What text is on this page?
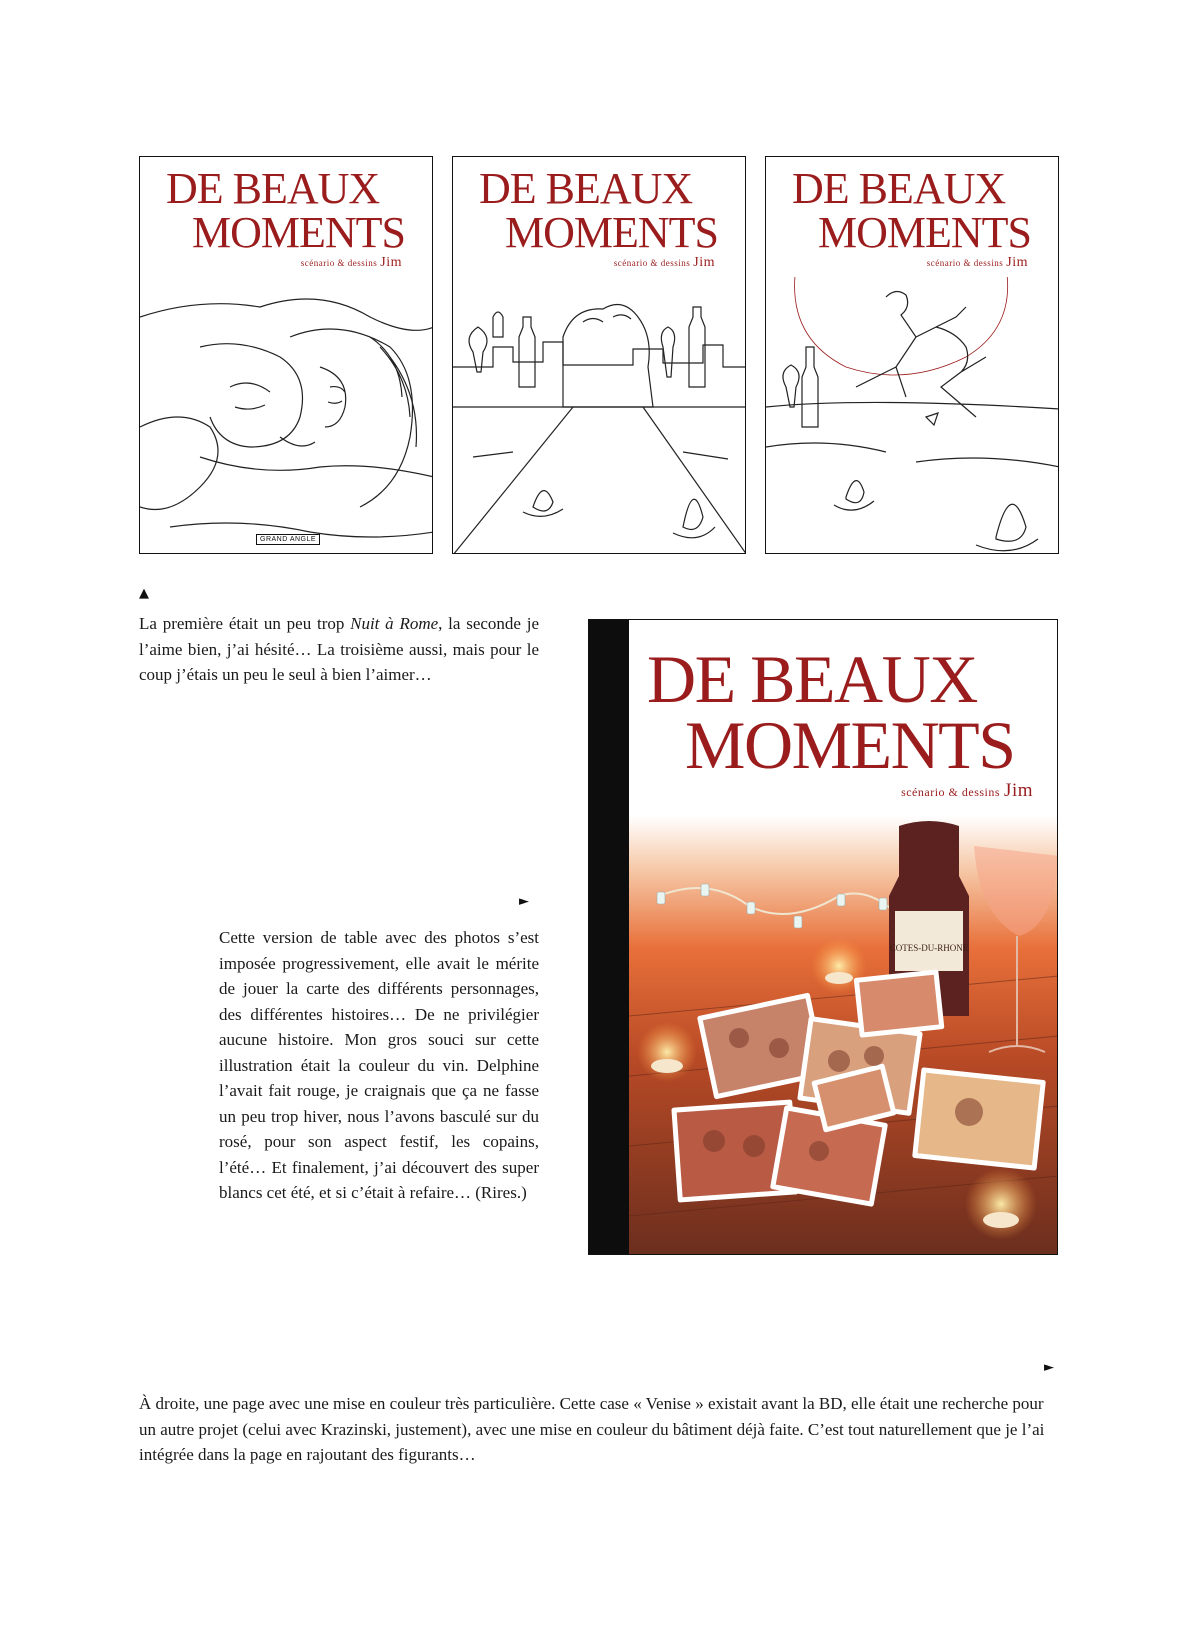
DE BEAUX
MOMENTS
scénario & dessins Jim
GRAND ANGLE
DE BEAUX
MOMENTS
scénario & dessins Jim
DE BEAUX
MOMENTS
scénario & dessins Jim
▲

La première était un peu trop Nuit à Rome, la seconde je l’aime bien, j’ai hésité… La troisième aussi, mais pour le coup j’étais un peu le seul à bien l’aimer…	DE BEAUX
MOMENTS
scénario & dessins Jim
COTES-DU-RHONE
►

Cette version de table avec des photos s’est imposée progressivement, elle avait le mérite de jouer la carte des différents personnages, des différentes histoires… De ne privilégier aucune histoire. Mon gros souci sur cette illustration était la couleur du vin. Delphine l’avait fait rouge, je craignais que ça ne fasse un peu trop hiver, nous l’avons basculé sur du rosé, pour son aspect festif, les copains, l’été… Et finalement, j’ai découvert des super blancs cet été, et si c’était à refaire… (Rires.)

►

À droite, une page avec une mise en couleur très particulière. Cette case « Venise » existait avant la BD, elle était une recherche pour un autre projet (celui avec Krazinski, justement), avec une mise en couleur du bâtiment déjà faite. C’est tout naturellement que je l’ai intégrée dans la page en rajoutant des figurants…
